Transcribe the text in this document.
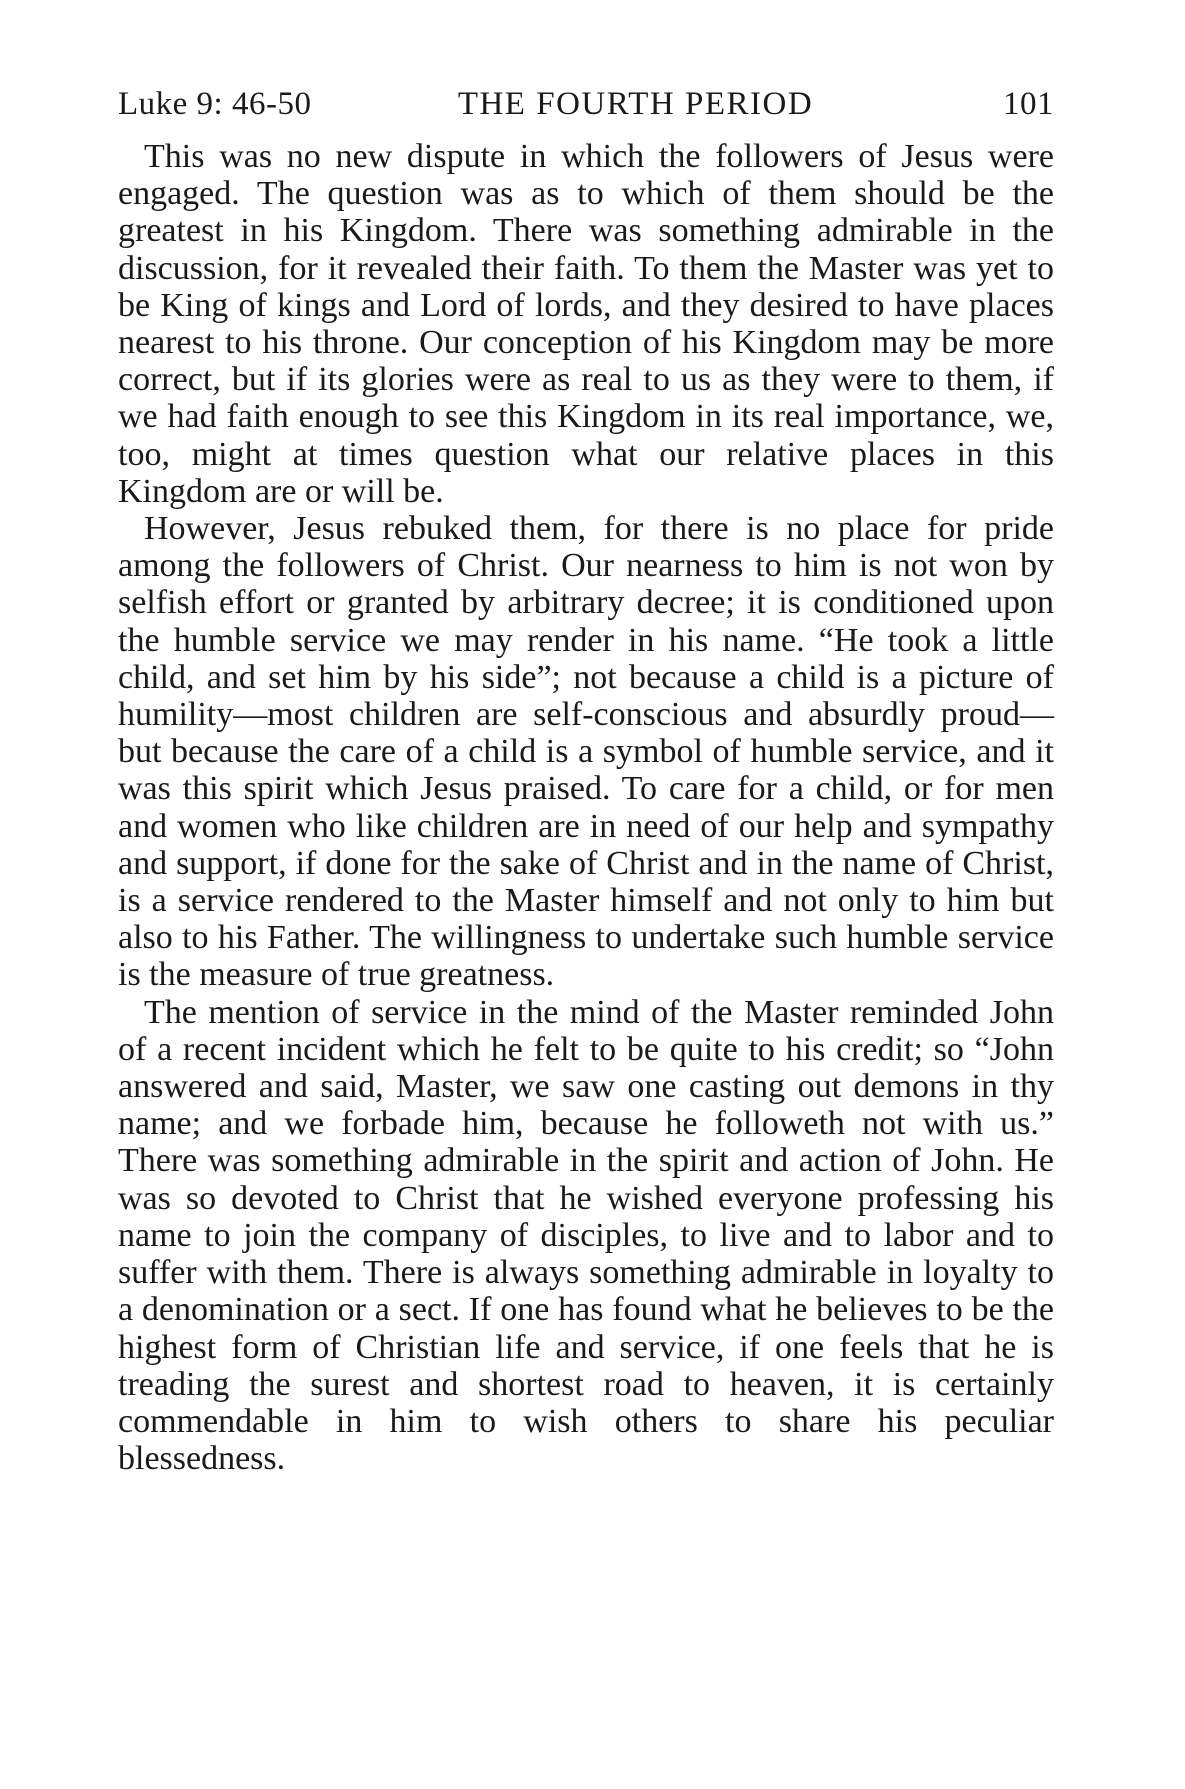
Luke 9: 46-50	THE FOURTH PERIOD	101

This was no new dispute in which the followers of Jesus were engaged. The question was as to which of them should be the greatest in his Kingdom. There was something admirable in the discussion, for it revealed their faith. To them the Master was yet to be King of kings and Lord of lords, and they desired to have places nearest to his throne. Our conception of his Kingdom may be more correct, but if its glories were as real to us as they were to them, if we had faith enough to see this Kingdom in its real importance, we, too, might at times question what our relative places in this Kingdom are or will be.

However, Jesus rebuked them, for there is no place for pride among the followers of Christ. Our nearness to him is not won by selfish effort or granted by arbitrary decree; it is conditioned upon the humble service we may render in his name. “He took a little child, and set him by his side”; not because a child is a picture of humility—most children are self-conscious and absurdly proud—but because the care of a child is a symbol of humble service, and it was this spirit which Jesus praised. To care for a child, or for men and women who like children are in need of our help and sympathy and support, if done for the sake of Christ and in the name of Christ, is a service rendered to the Master himself and not only to him but also to his Father. The willingness to undertake such humble service is the measure of true greatness.

The mention of service in the mind of the Master reminded John of a recent incident which he felt to be quite to his credit; so “John answered and said, Master, we saw one casting out demons in thy name; and we forbade him, because he followeth not with us.” There was something admirable in the spirit and action of John. He was so devoted to Christ that he wished everyone professing his name to join the company of disciples, to live and to labor and to suffer with them. There is always something admirable in loyalty to a denomination or a sect. If one has found what he believes to be the highest form of Christian life and service, if one feels that he is treading the surest and shortest road to heaven, it is certainly commendable in him to wish others to share his peculiar blessedness.
